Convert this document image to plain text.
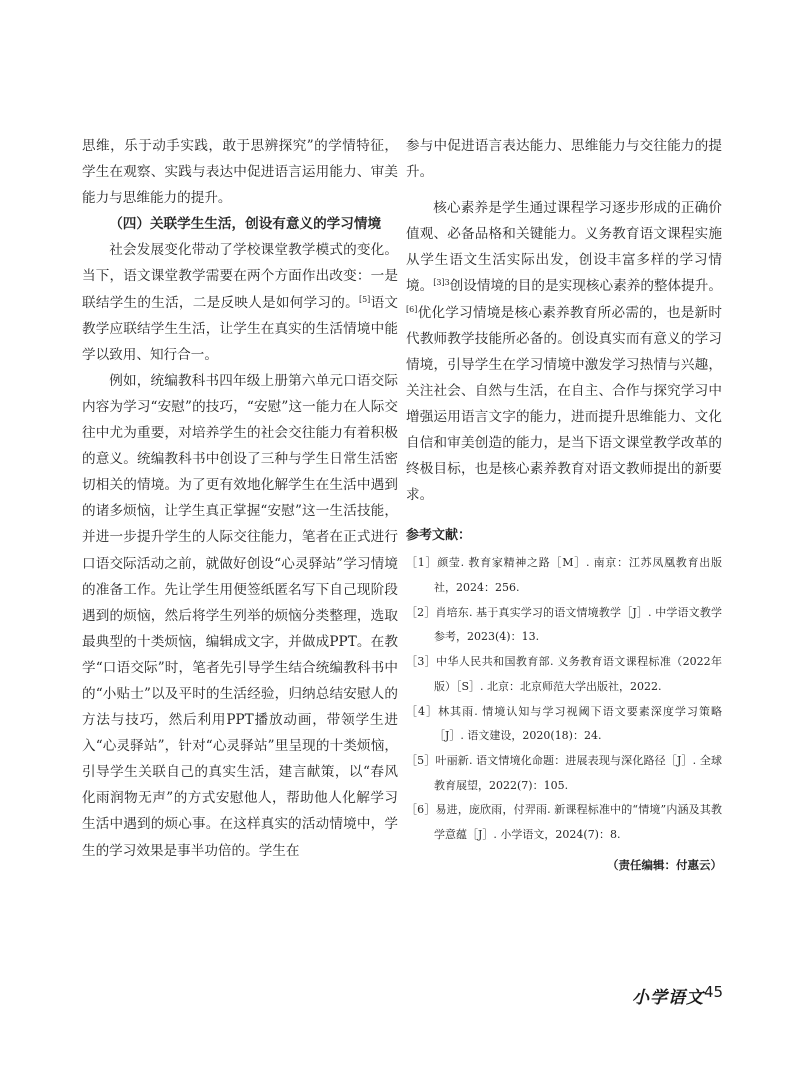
思维，乐于动手实践，敢于思辨探究”的学情特征，学生在观察、实践与表达中促进语言运用能力、审美能力与思维能力的提升。

（四）关联学生生活，创设有意义的学习情境

社会发展变化带动了学校课堂教学模式的变化。当下，语文课堂教学需要在两个方面作出改变：一是联结学生的生活，二是反映人是如何学习的。[5]语文教学应联结学生生活，让学生在真实的生活情境中能学以致用、知行合一。

例如，统编教科书四年级上册第六单元口语交际内容为学习“安慰”的技巧，“安慰”这一能力在人际交往中尤为重要，对培养学生的社会交往能力有着积极的意义。统编教科书中创设了三种与学生日常生活密切相关的情境。为了更有效地化解学生在生活中遇到的诸多烦恼，让学生真正掌握“安慰”这一生活技能，并进一步提升学生的人际交往能力，笔者在正式进行口语交际活动之前，就做好创设“心灵驿站”学习情境的准备工作。先让学生用便签纸匿名写下自己现阶段遇到的烦恼，然后将学生列举的烦恼分类整理，选取最典型的十类烦恼，编辑成文字，并做成PPT。在教学“口语交际”时，笔者先引导学生结合统编教科书中的“小贴士”以及平时的生活经验，归纳总结安慰人的方法与技巧，然后利用PPT播放动画，带领学生进入“心灵驿站”，针对“心灵驿站”里呈现的十类烦恼，引导学生关联自己的真实生活，建言献策，以“春风化雨润物无声”的方式安慰他人，帮助他人化解学习生活中遇到的烦心事。在这样真实的活动情境中，学生的学习效果是事半功倍的。学生在

参与中促进语言表达能力、思维能力与交往能力的提升。

核心素养是学生通过课程学习逐步形成的正确价值观、必备品格和关键能力。义务教育语文课程实施从学生语文生活实际出发，创设丰富多样的学习情境。$^{[3]3}$创设情境的目的是实现核心素养的整体提升。[6]优化学习情境是核心素养教育所必需的，也是新时代教师教学技能所必备的。创设真实而有意义的学习情境，引导学生在学习情境中激发学习热情与兴趣，关注社会、自然与生活，在自主、合作与探究学习中增强运用语言文字的能力，进而提升思维能力、文化自信和审美创造的能力，是当下语文课堂教学改革的终极目标，也是核心素养教育对语文教师提出的新要求。

参考文献：

［1］颜莹. 教育家精神之路［M］. 南京：江苏凤凰教育出版社，2024：256.

［2］肖培东. 基于真实学习的语文情境教学［J］. 中学语文教学参考，2023(4)：13.

［3］中华人民共和国教育部. 义务教育语文课程标准（2022年版）［S］. 北京：北京师范大学出版社，2022.

［4］林其雨. 情境认知与学习视阈下语文要素深度学习策略［J］. 语文建设，2020(18)：24.

［5］叶丽新. 语文情境化命题：进展表现与深化路径［J］. 全球教育展望，2022(7)：105.

［6］易进，庞欣雨，付羿雨. 新课程标准中的“情境”内涵及其教学意蕴［J］. 小学语文，2024(7)：8.

（责任编辑：付惠云）

小学语文 45
